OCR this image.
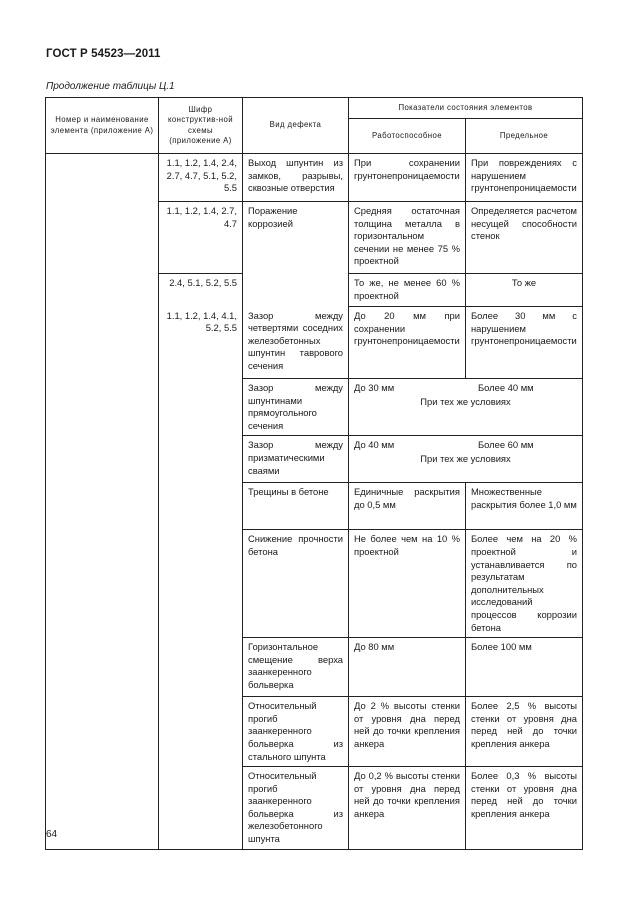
ГОСТ Р 54523—2011
Продолжение таблицы Ц.1
Номер и наименование элемента (приложение А)	Шифр конструктив-ной схемы (приложение А)	Вид дефекта	Показатели состояния элементов	
			Работоспособное	Предельное
	1.1, 1.2, 1.4, 2.4, 2.7, 4.7, 5.1, 5.2, 5.5	Выход шпунтин из замков, разрывы, сквозные отверстия	При сохранении грунтонепроницаемости	При повреждениях с нарушением грунтонепроницаемости
	1.1, 1.2, 1.4, 2.7, 4.7	Поражение коррозией	Средняя остаточная толщина металла в горизонтальном сечении не менее 75 % проектной	Определяется расчетом несущей способности стенок
	2.4, 5.1, 5.2, 5.5		То же, не менее 60 % проектной	То же
	1.1, 1.2, 1.4, 4.1, 5.2, 5.5	Зазор между четвертями соседних железобетонных шпунтин таврового сечения	До 20 мм при сохранении грунтонепроницаемости	Более 30 мм с нарушением грунтонепроницаемости
		Зазор между шпунтинами прямоугольного сечения	До 30 мм Более 40 мм
При тех же условиях	

		Зазор между призматическими сваями	До 40 мм Более 60 мм
При тех же условиях	

		Трещины в бетоне	Единичные раскрытия до 0,5 мм	Множественные раскрытия более 1,0 мм
		Снижение прочности бетона	Не более чем на 10 % проектной	Более чем на 20 % проектной и устанавливается по результатам дополнительных исследований процессов коррозии бетона
		Горизонтальное смещение верха заанкеренного больверка	До 80 мм	Более 100 мм
		Относительный прогиб заанкеренного больверка из стального шпунта	До 2 % высоты стенки от уровня дна перед ней до точки крепления анкера	Более 2,5 % высоты стенки от уровня дна перед ней до точки крепления анкера
		Относительный прогиб заанкеренного больверка из железобетонного шпунта	До 0,2 % высоты стенки от уровня дна перед ней до точки крепления анкера	Более 0,3 % высоты стенки от уровня дна перед ней до точки крепления анкера
64
